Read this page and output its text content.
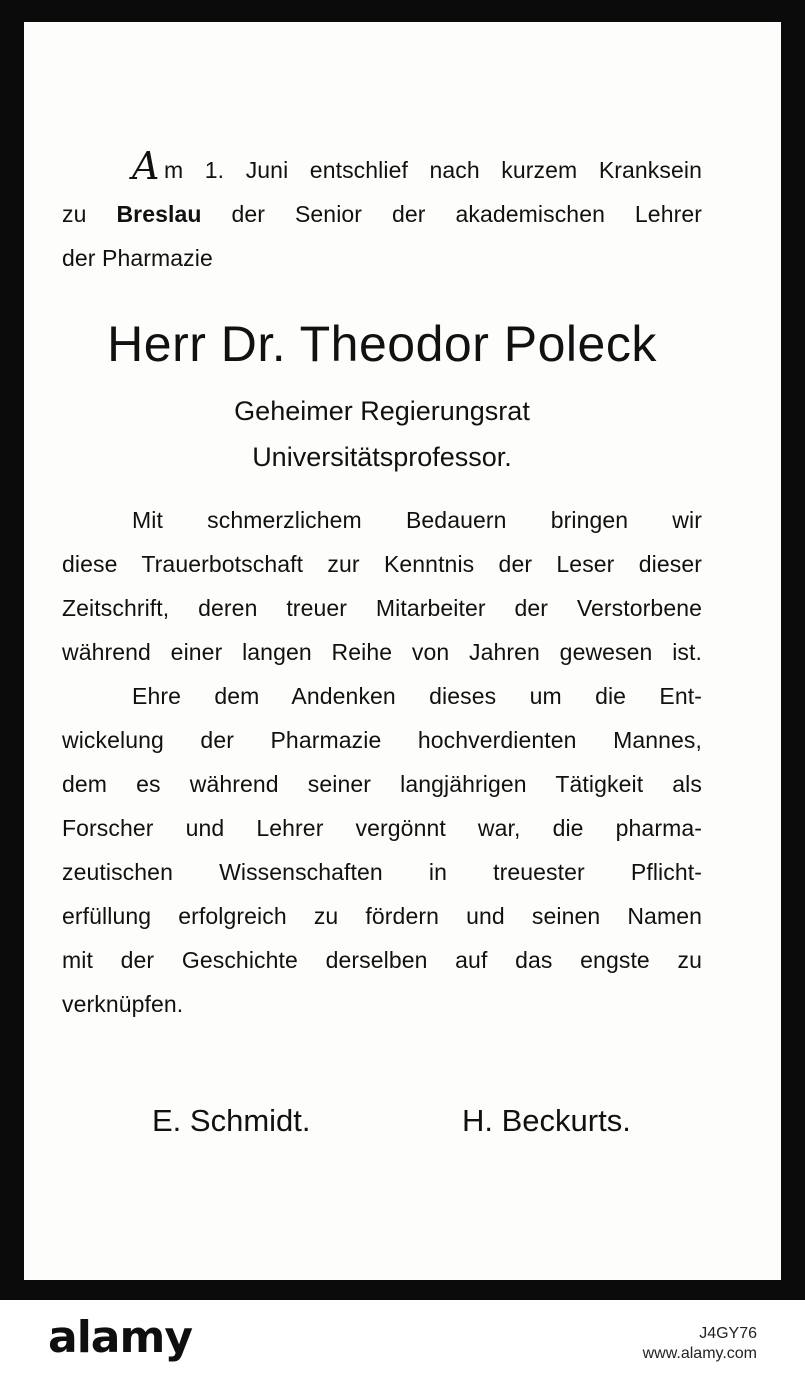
A m 1. Juni entschlief nach kurzem Kranksein
zu Breslau der Senior der akademischen Lehrer
der Pharmazie
Herr Dr. Theodor Poleck
Geheimer Regierungsrat
Universitätsprofessor.
Mit schmerzlichem Bedauern bringen wir
diese Trauerbotschaft zur Kenntnis der Leser dieser
Zeitschrift, deren treuer Mitarbeiter der Verstorbene
während einer langen Reihe von Jahren gewesen ist.
Ehre dem Andenken dieses um die Ent-
wickelung der Pharmazie hochverdienten Mannes,
dem es während seiner langjährigen Tätigkeit als
Forscher und Lehrer vergönnt war, die pharma-
zeutischen Wissenschaften in treuester Pflicht-
erfüllung erfolgreich zu fördern und seinen Namen
mit der Geschichte derselben auf das engste zu
verknüpfen.
E. Schmidt.	H. Beckurts.
alamy	J4GY76
www.alamy.com
